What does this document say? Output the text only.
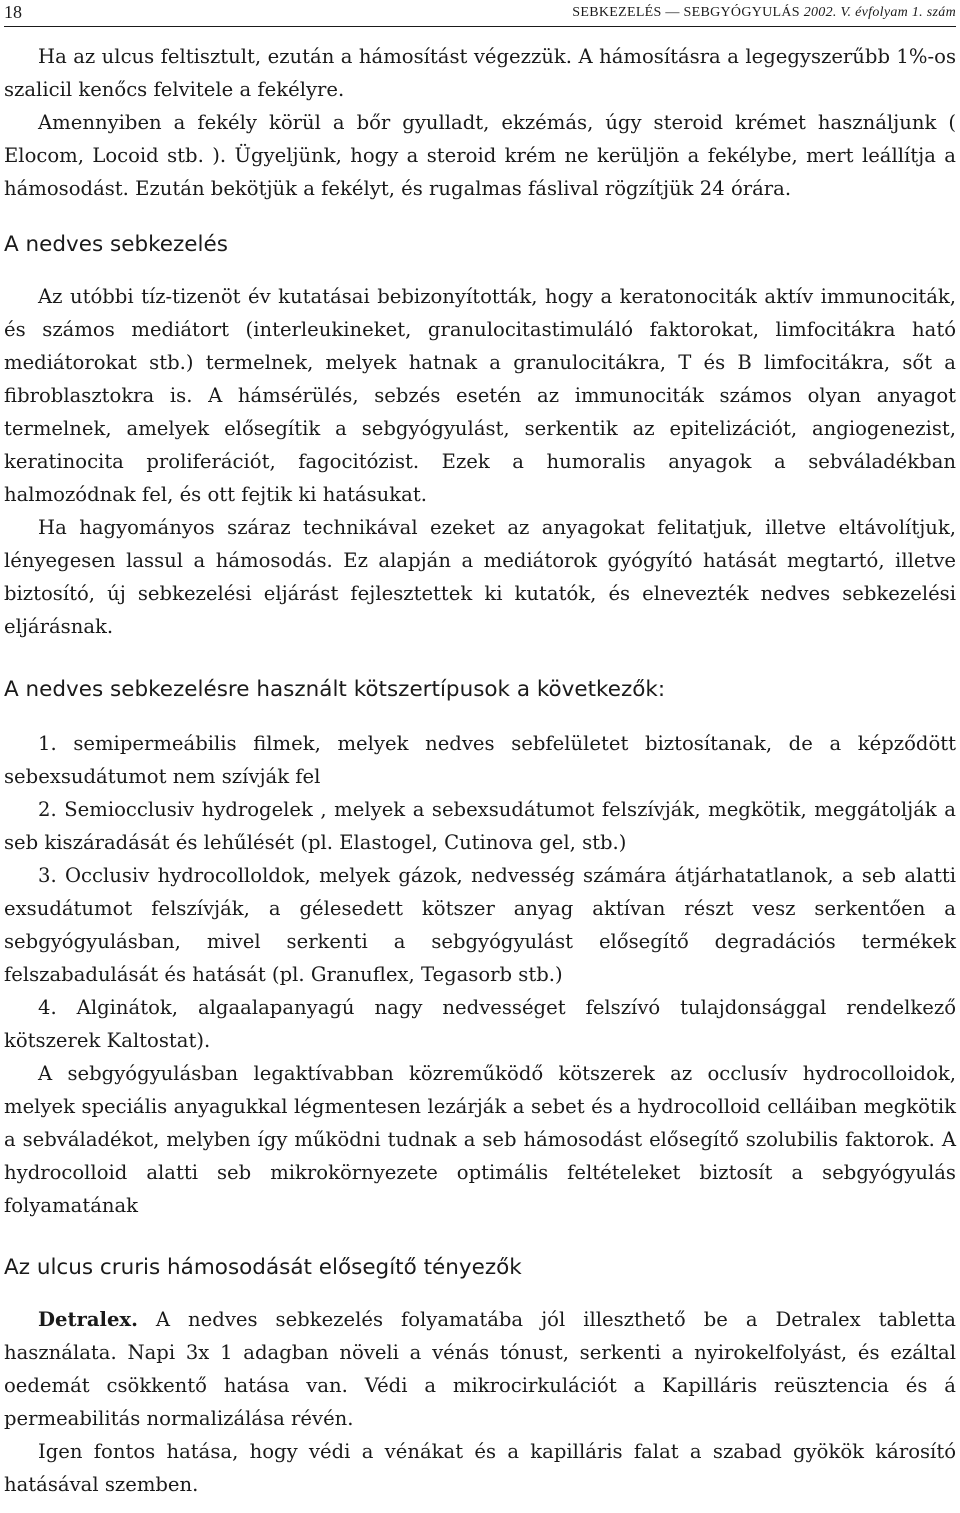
18	SEBKEZELÉS — SEBGYÓGYULÁS 2002. V. évfolyam 1. szám

Ha az ulcus feltisztult, ezután a hámosítást végezzük. A hámosításra a legegyszerűbb 1%-os szalicil kenőcs felvitele a fekélyre.

Amennyiben a fekély körül a bőr gyulladt, ekzémás, úgy steroid krémet használjunk ( Elocom, Locoid stb. ). Ügyeljünk, hogy a steroid krém ne kerüljön a fekélybe, mert leállítja a hámosodást. Ezután bekötjük a fekélyt, és rugalmas fáslival rögzítjük 24 órára.

A nedves sebkezelés

Az utóbbi tíz-tizenöt év kutatásai bebizonyították, hogy a keratonociták aktív immunociták, és számos mediátort (interleukineket, granulocitastimuláló faktorokat, limfocitákra ható mediátorokat stb.) termelnek, melyek hatnak a granulocitákra, T és B limfocitákra, sőt a fibroblasztokra is. A hámsérülés, sebzés esetén az immunociták számos olyan anyagot termelnek, amelyek elősegítik a sebgyógyulást, serkentik az epitelizációt, angiogenezist, keratinocita proliferációt, fagocitózist. Ezek a humoralis anyagok a sebváladékban halmozódnak fel, és ott fejtik ki hatásukat.

Ha hagyományos száraz technikával ezeket az anyagokat felitatjuk, illetve eltávolítjuk, lényegesen lassul a hámosodás. Ez alapján a mediátorok gyógyító hatását megtartó, illetve biztosító, új sebkezelési eljárást fejlesztettek ki kutatók, és elnevezték nedves sebkezelési eljárásnak.

A nedves sebkezelésre használt kötszertípusok a következők:

1. semipermeábilis filmek, melyek nedves sebfelületet biztosítanak, de a képződött sebexsudátumot nem szívják fel

2. Semiocclusiv hydrogelek , melyek a sebexsudátumot felszívják, megkötik, meggátolják a seb kiszáradását és lehűlését (pl. Elastogel, Cutinova gel, stb.)

3. Occlusiv hydrocollоldok, melyek gázok, nedvesség számára átjárhatatlanok, a seb alatti exsudátumot felszívják, a gélesedett kötszer anyag aktívan részt vesz serkentően a sebgyógyulásban, mivel serkenti a sebgyógyulást elősegítő degradációs termékek felszabadulását és hatását (pl. Granuflex, Tegasorb stb.)

4. Alginátok, algaalapanyagú nagy nedvességet felszívó tulajdonsággal rendelkező kötszerek Kaltostat).

A sebgyógyulásban legaktívabban közreműködő kötszerek az occlusív hydrocolloidok, melyek speciális anyagukkal légmentesen lezárják a sebet és a hydrocolloid celláiban megkötik a sebváladékot, melyben így működni tudnak a seb hámosodást elősegítő szolubilis faktorok. A hydrocolloid alatti seb mikrokörnyezete optimális feltételeket biztosít a sebgyógyulás folyamatának

Az ulcus cruris hámosodását elősegítő tényezők

Detralex. A nedves sebkezelés folyamatába jól illeszthető be a Detralex tabletta használata. Napi 3x 1 adagban növeli a vénás tónust, serkenti a nyirokelfolyást, és ezáltal oedemát csökkentő hatása van. Védi a mikrocirkulációt a Kapilláris reüsztencia és á permeabilitás normalizálása révén.

Igen fontos hatása, hogy védi a vénákat és a kapilláris falat a szabad gyökök károsító hatásával szemben.
